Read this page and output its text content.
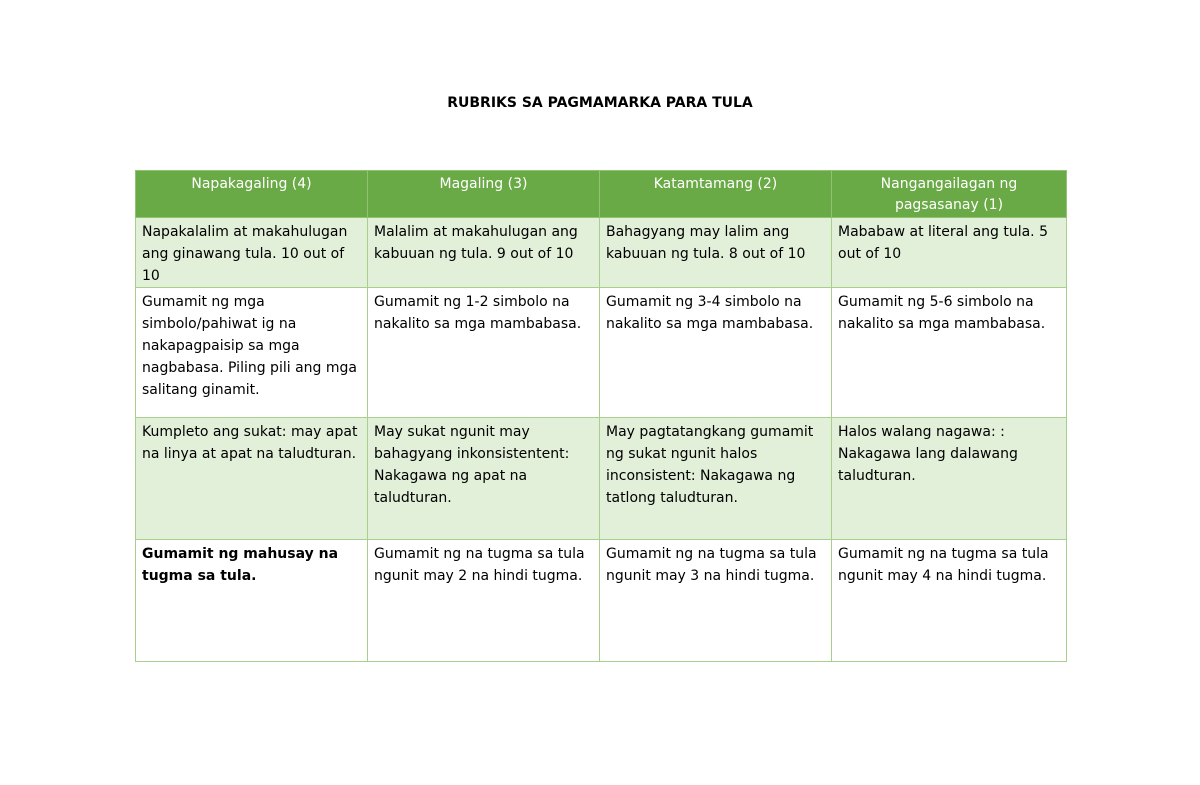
RUBRIKS SA PAGMAMARKA PARA TULA
Napakagaling (4)	Magaling (3)	Katamtamang (2)	Nangangailagan ng pagsasanay (1)
Napakalalim at makahulugan ang ginawang tula. 10 out of 10	Malalim at makahulugan ang kabuuan ng tula. 9 out of 10	Bahagyang may lalim ang kabuuan ng tula. 8 out of 10	Mababaw at literal ang tula. 5 out of 10
Gumamit ng mga simbolo/pahiwat ig na nakapagpaisip sa mga nagbabasa. Piling pili ang mga salitang ginamit.	Gumamit ng 1-2 simbolo na nakalito sa mga mambabasa.	Gumamit ng 3-4 simbolo na nakalito sa mga mambabasa.	Gumamit ng 5-6 simbolo na nakalito sa mga mambabasa.
Kumpleto ang sukat: may apat na linya at apat na taludturan.	May sukat ngunit may bahagyang inkonsistentent: Nakagawa ng apat na taludturan.	May pagtatangkang gumamit ng sukat ngunit halos inconsistent: Nakagawa ng tatlong taludturan.	Halos walang nagawa: : Nakagawa lang dalawang taludturan.
Gumamit ng mahusay na tugma sa tula.	Gumamit ng na tugma sa tula ngunit may 2 na hindi tugma.	Gumamit ng na tugma sa tula ngunit may 3 na hindi tugma.	Gumamit ng na tugma sa tula ngunit may 4 na hindi tugma.
